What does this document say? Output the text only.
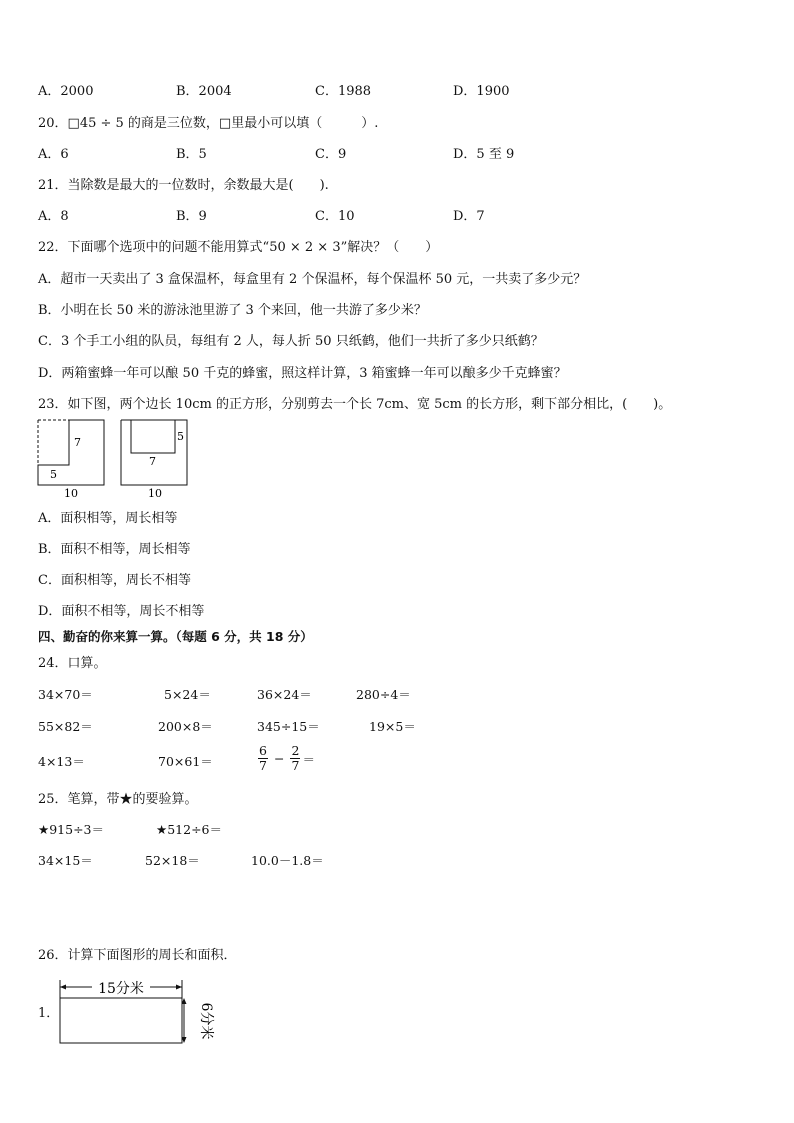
A．2000	B．2004	C．1988	D．1900
20．□45 ÷ 5 的商是三位数，□里最小可以填（　　　）.
A．6	B．5	C．9	D．5 至 9
21．当除数是最大的一位数时，余数最大是(　　).
A．8	B．9	C．10	D．7
22．下面哪个选项中的问题不能用算式“50 × 2 × 3”解决？（　　）
A．超市一天卖出了 3 盒保温杯，每盒里有 2 个保温杯，每个保温杯 50 元，一共卖了多少元？
B．小明在长 50 米的游泳池里游了 3 个来回，他一共游了多少米？
C．3 个手工小组的队员，每组有 2 人，每人折 50 只纸鹤，他们一共折了多少只纸鹤？
D．两箱蜜蜂一年可以酿 50 千克的蜂蜜，照这样计算，3 箱蜜蜂一年可以酿多少千克蜂蜜？
23．如下图，两个边长 10cm 的正方形，分别剪去一个长 7cm、宽 5cm 的长方形，剩下部分相比，(　　)。
7
5
10
5
7
10
A．面积相等，周长相等
B．面积不相等，周长相等
C．面积相等，周长不相等
D．面积不相等，周长不相等
四、勤奋的你来算一算。（每题 6 分，共 18 分）
24．口算。
34×70＝	5×24＝	36×24＝	280÷4＝
55×82＝	200×8＝	345÷15＝	19×5＝
4×13＝	70×61＝
6
7 −
2
7 ＝
25．笔算，带★的要验算。
★915÷3＝	★512÷6＝
34×15＝	52×18＝	10.0－1.8＝
26．计算下面图形的周长和面积．
1．
15分米
6分米
